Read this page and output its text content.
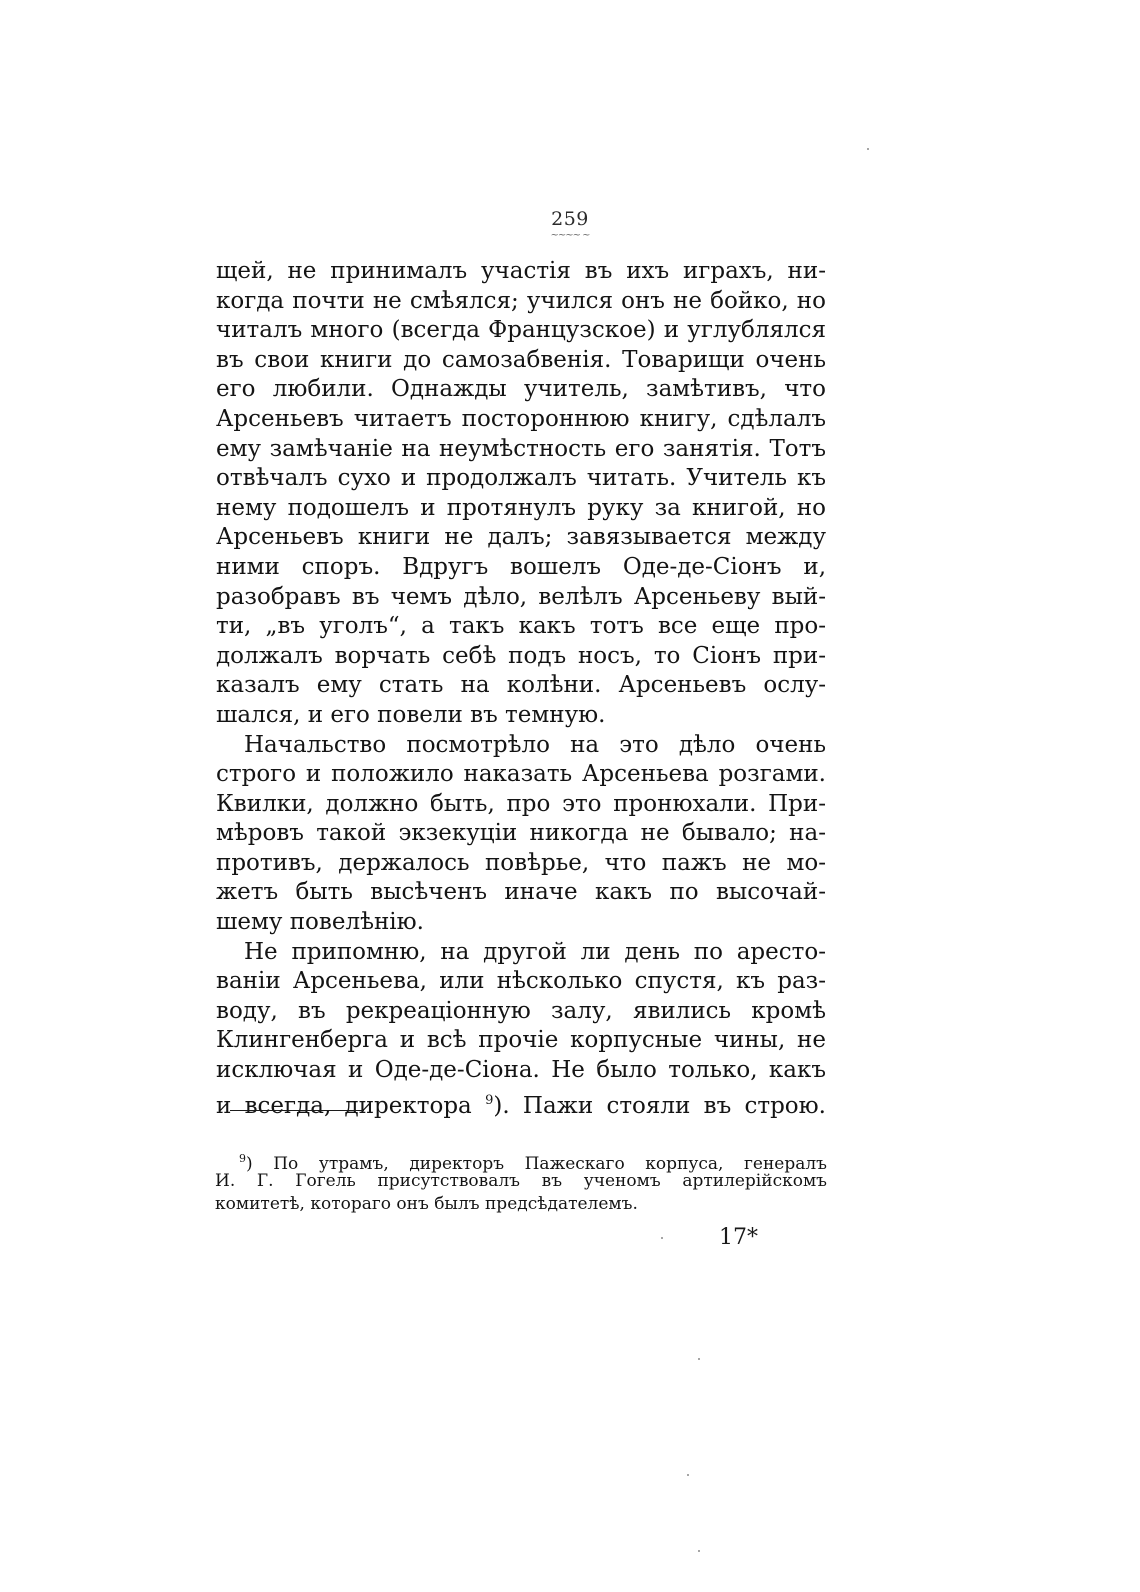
259
~~~~ ~
щей, не принималъ участія въ ихъ играхъ, ни-
когда почти не смѣялся; учился онъ не бойко, но
читалъ много (всегда Французское) и углублялся
въ свои книги до самозабвенія. Товарищи очень
его любили. Однажды учитель, замѣтивъ, что
Арсеньевъ читаетъ постороннюю книгу, сдѣлалъ
ему замѣчаніе на неумѣстность его занятія. Тотъ
отвѣчалъ сухо и продолжалъ читать. Учитель къ
нему подошелъ и протянулъ руку за книгой, но
Арсеньевъ книги не далъ; завязывается между
ними споръ. Вдругъ вошелъ Оде-де-Сіонъ и,
разобравъ въ чемъ дѣло, велѣлъ Арсеньеву вый-
ти, „въ уголъ“, а такъ какъ тотъ все еще про-
должалъ ворчать себѣ подъ носъ, то Сіонъ при-
казалъ ему стать на колѣни. Арсеньевъ ослу-
шался, и его повели въ темную.
Начальство посмотрѣло на это дѣло очень
строго и положило наказать Арсеньева розгами.
Квилки, должно быть, про это пронюхали. При-
мѣровъ такой экзекуціи никогда не бывало; на-
противъ, держалось повѣрье, что пажъ не мо-
жетъ быть высѣченъ иначе какъ по высочай-
шему повелѣнію.
Не припомню, на другой ли день по аресто-
ваніи Арсеньева, или нѣсколько спустя, къ раз-
воду, въ рекреаціонную залу, явились кромѣ
Клингенберга и всѣ прочіе корпусные чины, не
исключая и Оде-де-Сіона. Не было только, какъ
и всегда, директора $^9$). Пажи стояли въ строю.
$^9$) По утрамъ, директоръ Пажескаго корпуса, генералъ
И. Г. Гогель присутствовалъ въ ученомъ артилерійскомъ
комитетѣ, котораго онъ былъ предсѣдателемъ.
17*
